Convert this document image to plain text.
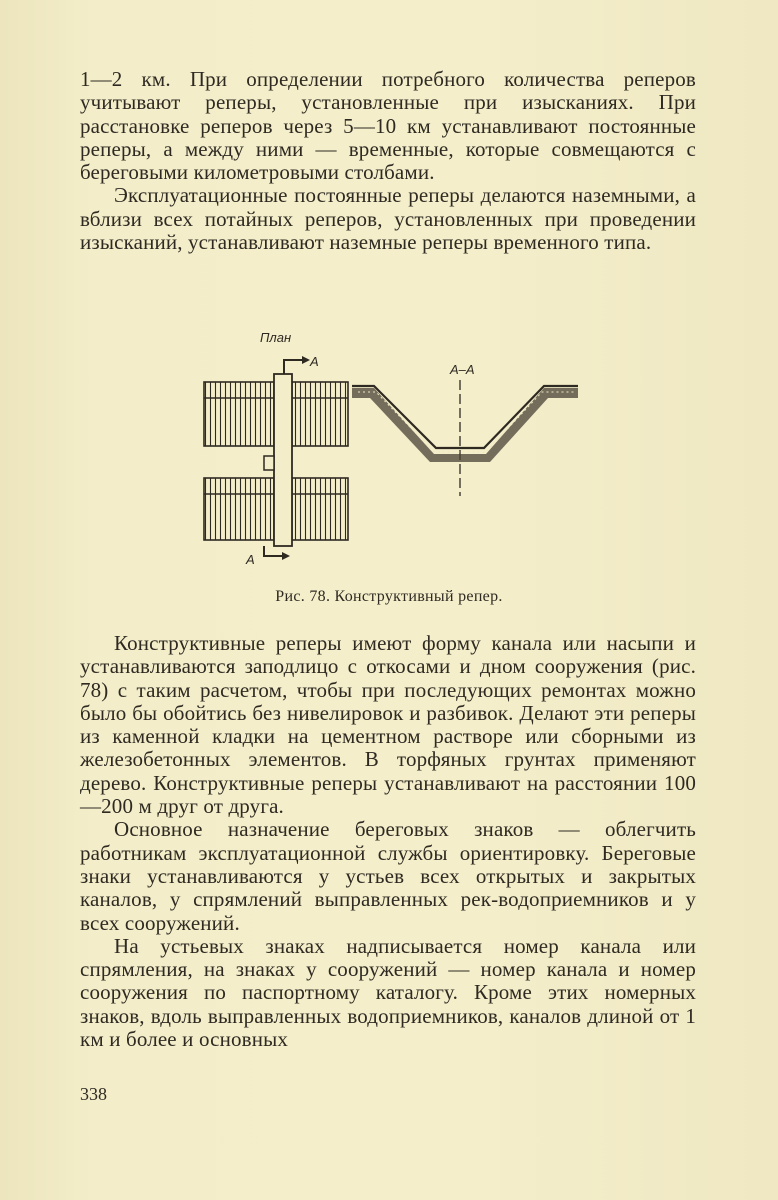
1—2 км. При определении потребного количества реперов учитывают реперы, установленные при изысканиях. При расстановке реперов через 5—10 км устанавливают постоянные реперы, а между ними — временные, которые совмещаются с береговыми километровыми столбами.

Эксплуатационные постоянные реперы делаются наземными, а вблизи всех потайных реперов, установленных при проведении изысканий, устанавливают наземные реперы временного типа.

План
A
A
A–A
Рис. 78. Конструктивный репер.

Конструктивные реперы имеют форму канала или насыпи и устанавливаются заподлицо с откосами и дном сооружения (рис. 78) с таким расчетом, чтобы при последующих ремонтах можно было бы обойтись без нивелировок и разбивок. Делают эти реперы из каменной кладки на цементном растворе или сборными из железобетонных элементов. В торфяных грунтах применяют дерево. Конструктивные реперы устанавливают на расстоянии 100—200 м друг от друга.

Основное назначение береговых знаков — облегчить работникам эксплуатационной службы ориентировку. Береговые знаки устанавливаются у устьев всех открытых и закрытых каналов, у спрямлений выправленных рек-водоприемников и у всех сооружений.

На устьевых знаках надписывается номер канала или спрямления, на знаках у сооружений — номер канала и номер сооружения по паспортному каталогу. Кроме этих номерных знаков, вдоль выправленных водоприемников, каналов длиной от 1 км и более и основных

338
